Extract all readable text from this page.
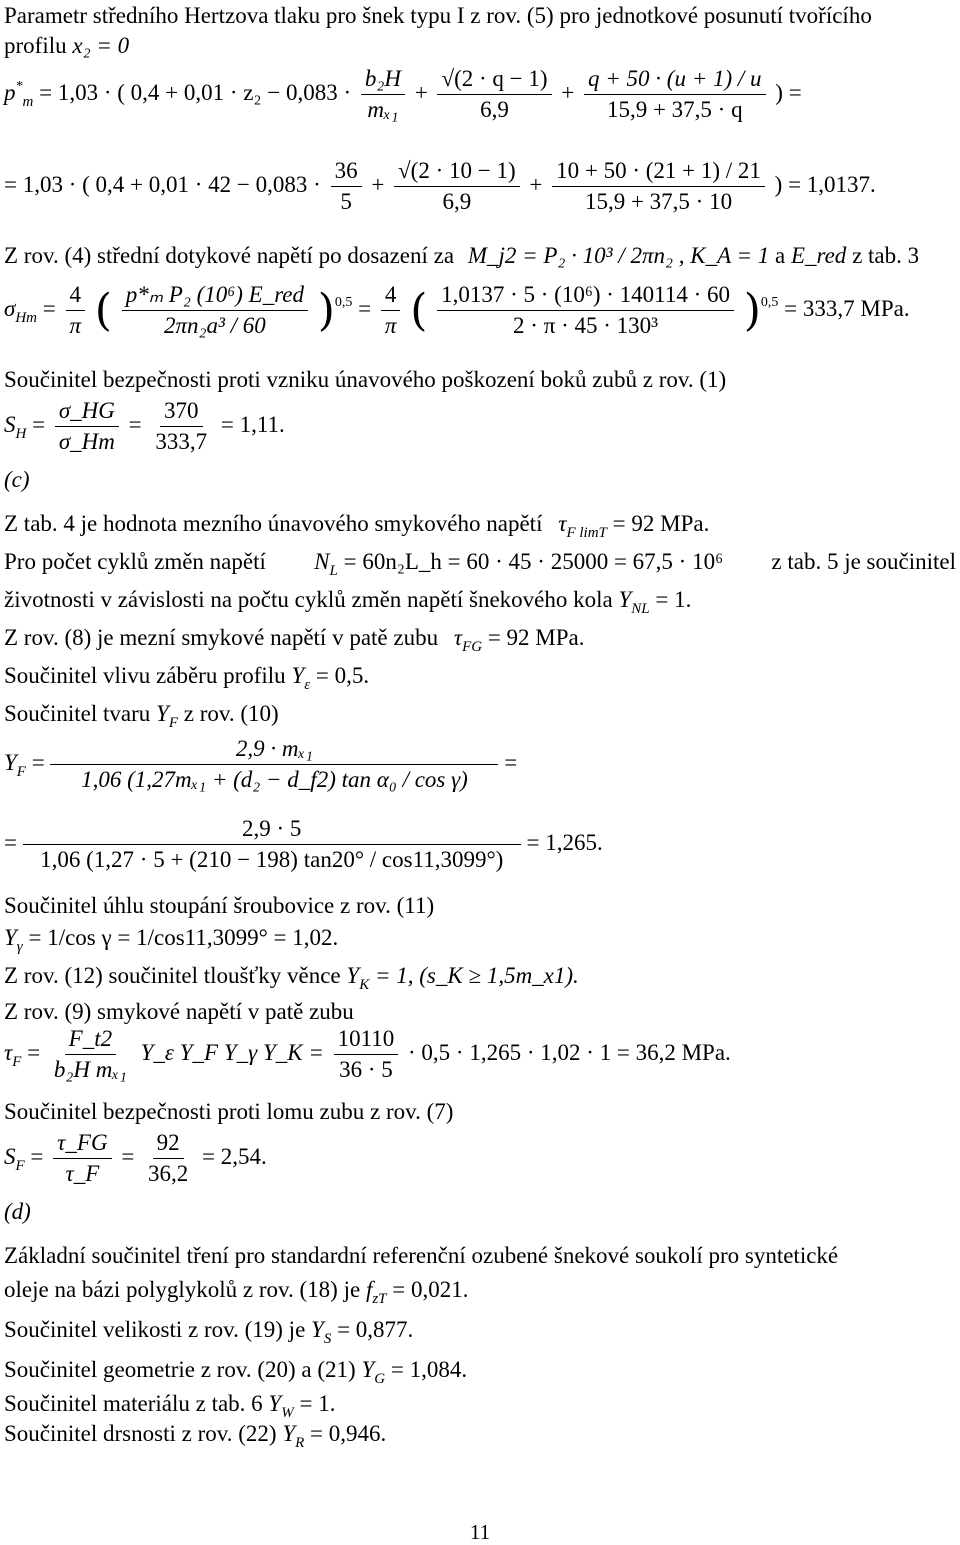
Parametr středního Hertzova tlaku pro šnek typu I z rov. (5) pro jednotkové posunutí tvořícího
profilu x₂ = 0
$p^*_m = 1,03$ · ( $0,4 + 0,01 \cdot z_2 - 0,083 \cdot \frac{\text{b₂H}}{\text{mₓ₁}} + \frac{√(2 \cdot q - 1)}{6,9} + \frac{q + 50 \cdot (u + 1) / u}{15,9 + 37,5 \cdot q}$ ) =
= 1,03 · ( $0,4 + 0,01 \cdot 42 - 0,083 \cdot \frac{36}{5} + \frac{√(2 \cdot 10 - 1)}{6,9} + \frac{10 + 50 \cdot (21 + 1) / 21}{15,9 + 37,5 \cdot 10}$ ) = 1,0137.
Z rov. (4) střední dotykové napětí po dosazení za M_j2 = P₂ · 10³ / 2πn₂ , K_A = 1 a E_red z tab. 3
$\sigma_{Hm} = \frac{4}{\pi}$ ( $\frac{\text{p*ₘ P₂ (10⁶) E\_red}}{\text{2πn₂a³ / 60}} )^{0,5} = \frac{4}{\pi}$ ( $\frac{\text{1,0137 · 5 · (10⁶) · 140114 · 60}}{\text{2 · π · 45 · 130³}} )^{0,5} = 333,7$ MPa.
Součinitel bezpečnosti proti vzniku únavového poškození boků zubů z rov. (1)
$S_H = \frac{\sigma\_HG}{\sigma\_Hm} = \frac{370}{333,7} = 1,11$.
(c)
Z tab. 4 je hodnota mezního únavového smykového napětí $\tau_{F limT} = 92$ MPa.
Pro počet cyklů změn napětí $N_L$ = 60n₂L_h = 60 · 45 · 25000 = 67,5 · 10⁶ z tab. 5 je součinitel
životnosti v závislosti na počtu cyklů změn napětí šnekového kola $Y_{NL} = 1$.
Z rov. (8) je mezní smykové napětí v patě zubu $\tau_{FG} = 92$ MPa.
Součinitel vlivu záběru profilu $Y_\varepsilon = 0,5$.
Součinitel tvaru $Y_F$ z rov. (10)
$Y_F = \frac{\text{2,9 · mₓ₁}}{\text{1,06 (1,27mₓ₁ + (d₂ − d\_f2) tan α₀ / cos γ)}}$ =
= $\frac{2,9 \cdot 5}{1,06 (1,27 \cdot 5 + (210 - 198) \tan 20^\circ / \cos 11,3099^\circ)} = 1,265$.
Součinitel úhlu stoupání šroubovice z rov. (11)
$Y_\gamma = 1/\cos$ γ = 1/cos11,3099° = 1,02.
Z rov. (12) součinitel tloušťky věnce $Y_K = 1$, (s_K ≥ 1,5m_x1).
Z rov. (9) smykové napětí v patě zubu
$\tau_F = \frac{F\_t2}{\text{b₂H mₓ₁}}$ Y_ε Y_F Y_γ Y_K = $\frac{10110}{36 \cdot 5} \cdot 0,5 \cdot 1,265 \cdot 1,02 \cdot 1 = 36,2$ MPa.
Součinitel bezpečnosti proti lomu zubu z rov. (7)
$S_F = \frac{\tau\_FG}{\tau\_F} = \frac{92}{36,2} = 2,54$.
(d)
Základní součinitel tření pro standardní referenční ozubené šnekové soukolí pro syntetické
oleje na bázi polyglykolů z rov. (18) je $f_{zT} = 0,021$.
Součinitel velikosti z rov. (19) je $Y_S = 0,877$.
Součinitel geometrie z rov. (20) a (21) $Y_G = 1,084$.
Součinitel materiálu z tab. 6 $Y_W = 1$.
Součinitel drsnosti z rov. (22) $Y_R = 0,946$.
11
